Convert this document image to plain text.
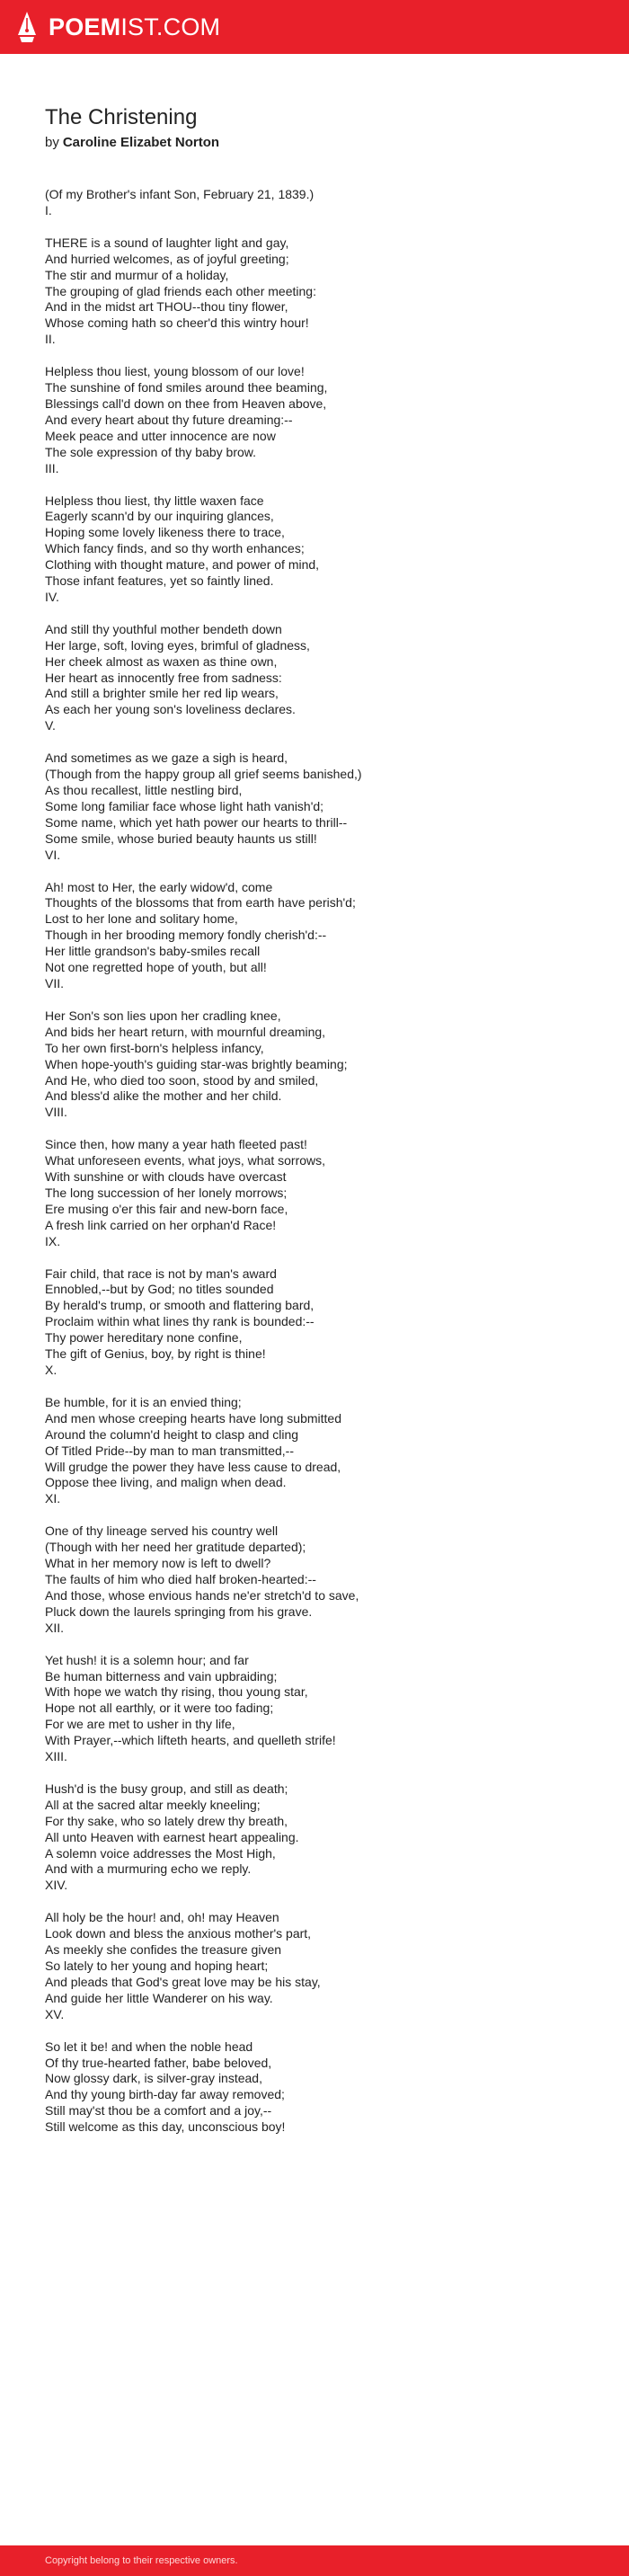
POEMIST.COM
The Christening
by Caroline Elizabet Norton
(Of my Brother's infant Son, February 21, 1839.)
I.
THERE is a sound of laughter light and gay,
And hurried welcomes, as of joyful greeting;
The stir and murmur of a holiday,
The grouping of glad friends each other meeting:
And in the midst art THOU--thou tiny flower,
Whose coming hath so cheer'd this wintry hour!
II.
Helpless thou liest, young blossom of our love!
The sunshine of fond smiles around thee beaming,
Blessings call'd down on thee from Heaven above,
And every heart about thy future dreaming:--
Meek peace and utter innocence are now
The sole expression of thy baby brow.
III.
Helpless thou liest, thy little waxen face
Eagerly scann'd by our inquiring glances,
Hoping some lovely likeness there to trace,
Which fancy finds, and so thy worth enhances;
Clothing with thought mature, and power of mind,
Those infant features, yet so faintly lined.
IV.
And still thy youthful mother bendeth down
Her large, soft, loving eyes, brimful of gladness,
Her cheek almost as waxen as thine own,
Her heart as innocently free from sadness:
And still a brighter smile her red lip wears,
As each her young son's loveliness declares.
V.
And sometimes as we gaze a sigh is heard,
(Though from the happy group all grief seems banished,)
As thou recallest, little nestling bird,
Some long familiar face whose light hath vanish'd;
Some name, which yet hath power our hearts to thrill--
Some smile, whose buried beauty haunts us still!
VI.
Ah! most to Her, the early widow'd, come
Thoughts of the blossoms that from earth have perish'd;
Lost to her lone and solitary home,
Though in her brooding memory fondly cherish'd:--
Her little grandson's baby-smiles recall
Not one regretted hope of youth, but all!
VII.
Her Son's son lies upon her cradling knee,
And bids her heart return, with mournful dreaming,
To her own first-born's helpless infancy,
When hope-youth's guiding star-was brightly beaming;
And He, who died too soon, stood by and smiled,
And bless'd alike the mother and her child.
VIII.
Since then, how many a year hath fleeted past!
What unforeseen events, what joys, what sorrows,
With sunshine or with clouds have overcast
The long succession of her lonely morrows;
Ere musing o'er this fair and new-born face,
A fresh link carried on her orphan'd Race!
IX.
Fair child, that race is not by man's award
Ennobled,--but by God; no titles sounded
By herald's trump, or smooth and flattering bard,
Proclaim within what lines thy rank is bounded:--
Thy power hereditary none confine,
The gift of Genius, boy, by right is thine!
X.
Be humble, for it is an envied thing;
And men whose creeping hearts have long submitted
Around the column'd height to clasp and cling
Of Titled Pride--by man to man transmitted,--
Will grudge the power they have less cause to dread,
Oppose thee living, and malign when dead.
XI.
One of thy lineage served his country well
(Though with her need her gratitude departed);
What in her memory now is left to dwell?
The faults of him who died half broken-hearted:--
And those, whose envious hands ne'er stretch'd to save,
Pluck down the laurels springing from his grave.
XII.
Yet hush! it is a solemn hour; and far
Be human bitterness and vain upbraiding;
With hope we watch thy rising, thou young star,
Hope not all earthly, or it were too fading;
For we are met to usher in thy life,
With Prayer,--which lifteth hearts, and quelleth strife!
XIII.
Hush'd is the busy group, and still as death;
All at the sacred altar meekly kneeling;
For thy sake, who so lately drew thy breath,
All unto Heaven with earnest heart appealing.
A solemn voice addresses the Most High,
And with a murmuring echo we reply.
XIV.
All holy be the hour! and, oh! may Heaven
Look down and bless the anxious mother's part,
As meekly she confides the treasure given
So lately to her young and hoping heart;
And pleads that God's great love may be his stay,
And guide her little Wanderer on his way.
XV.
So let it be! and when the noble head
Of thy true-hearted father, babe beloved,
Now glossy dark, is silver-gray instead,
And thy young birth-day far away removed;
Still may'st thou be a comfort and a joy,--
Still welcome as this day, unconscious boy!
Copyright belong to their respective owners.
